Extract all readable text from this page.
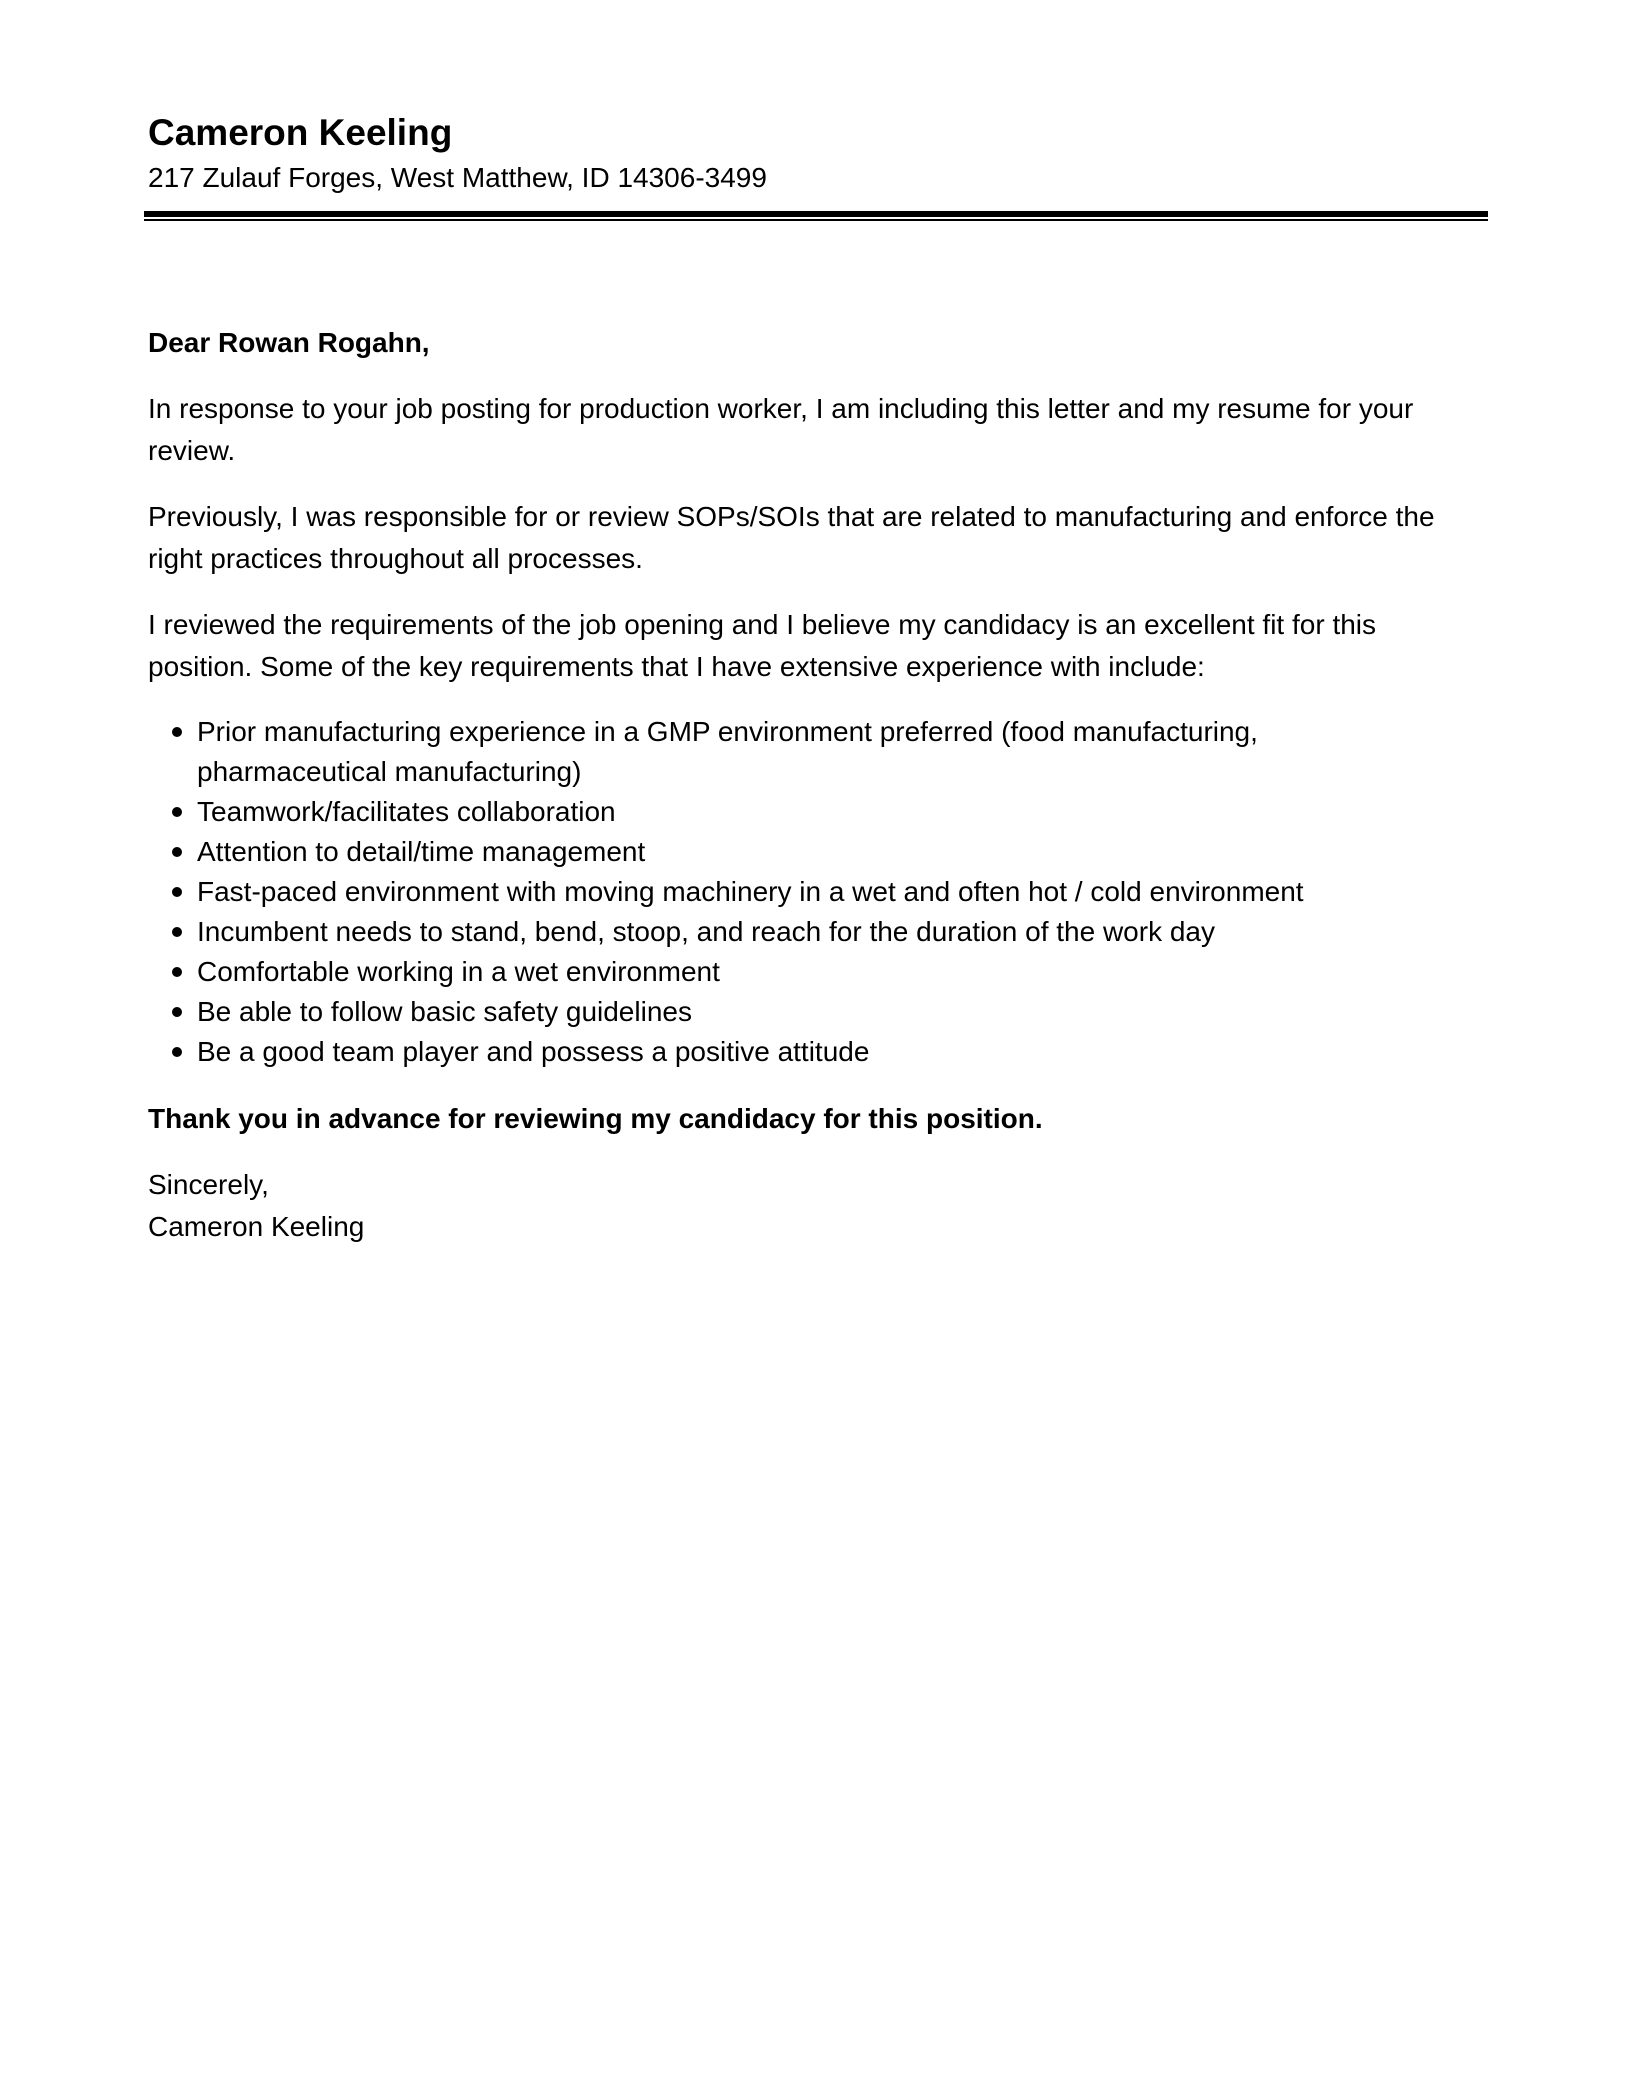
Cameron Keeling

217 Zulauf Forges, West Matthew, ID 14306-3499

Dear Rowan Rogahn,

In response to your job posting for production worker, I am including this letter and my resume for your review.

Previously, I was responsible for or review SOPs/SOIs that are related to manufacturing and enforce the right practices throughout all processes.

I reviewed the requirements of the job opening and I believe my candidacy is an excellent fit for this position. Some of the key requirements that I have extensive experience with include:

Prior manufacturing experience in a GMP environment preferred (food manufacturing, pharmaceutical manufacturing)
Teamwork/facilitates collaboration
Attention to detail/time management
Fast-paced environment with moving machinery in a wet and often hot / cold environment
Incumbent needs to stand, bend, stoop, and reach for the duration of the work day
Comfortable working in a wet environment
Be able to follow basic safety guidelines
Be a good team player and possess a positive attitude

Thank you in advance for reviewing my candidacy for this position.

Sincerely,

Cameron Keeling
